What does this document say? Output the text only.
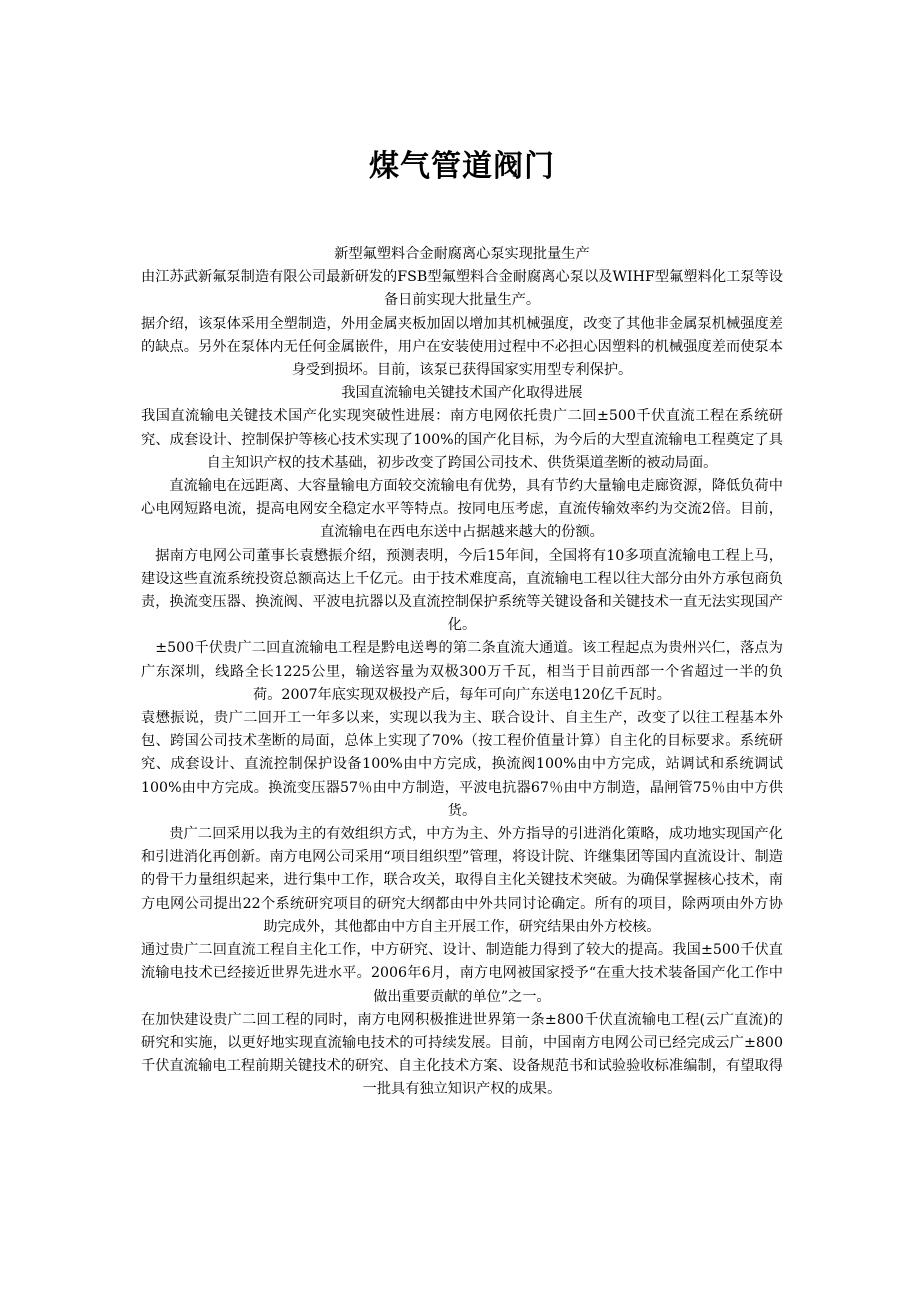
煤气管道阀门

新型氟塑料合金耐腐离心泵实现批量生产

由江苏武新氟泵制造有限公司最新研发的FSB型氟塑料合金耐腐离心泵以及WIHF型氟塑料化工泵等设备日前实现大批量生产。

据介绍，该泵体采用全塑制造，外用金属夹板加固以增加其机械强度，改变了其他非金属泵机械强度差的缺点。另外在泵体内无任何金属嵌件，用户在安装使用过程中不必担心因塑料的机械强度差而使泵本身受到损坏。目前，该泵已获得国家实用型专利保护。

我国直流输电关键技术国产化取得进展

我国直流输电关键技术国产化实现突破性进展：南方电网依托贵广二回±500千伏直流工程在系统研究、成套设计、控制保护等核心技术实现了100%的国产化目标，为今后的大型直流输电工程奠定了具自主知识产权的技术基础，初步改变了跨国公司技术、供货渠道垄断的被动局面。

直流输电在远距离、大容量输电方面较交流输电有优势，具有节约大量输电走廊资源，降低负荷中心电网短路电流，提高电网安全稳定水平等特点。按同电压考虑，直流传输效率约为交流2倍。目前，直流输电在西电东送中占据越来越大的份额。

据南方电网公司董事长袁懋振介绍，预测表明，今后15年间，全国将有10多项直流输电工程上马，建设这些直流系统投资总额高达上千亿元。由于技术难度高，直流输电工程以往大部分由外方承包商负责，换流变压器、换流阀、平波电抗器以及直流控制保护系统等关键设备和关键技术一直无法实现国产化。

±500千伏贵广二回直流输电工程是黔电送粤的第二条直流大通道。该工程起点为贵州兴仁，落点为广东深圳，线路全长1225公里，输送容量为双极300万千瓦，相当于目前西部一个省超过一半的负荷。2007年底实现双极投产后，每年可向广东送电120亿千瓦时。

袁懋振说，贵广二回开工一年多以来，实现以我为主、联合设计、自主生产，改变了以往工程基本外包、跨国公司技术垄断的局面，总体上实现了70%（按工程价值量计算）自主化的目标要求。系统研究、成套设计、直流控制保护设备100%由中方完成，换流阀100%由中方完成，站调试和系统调试100%由中方完成。换流变压器57％由中方制造，平波电抗器67％由中方制造，晶闸管75％由中方供货。

贵广二回采用以我为主的有效组织方式，中方为主、外方指导的引进消化策略，成功地实现国产化和引进消化再创新。南方电网公司采用“项目组织型”管理，将设计院、许继集团等国内直流设计、制造的骨干力量组织起来，进行集中工作，联合攻关，取得自主化关键技术突破。为确保掌握核心技术，南方电网公司提出22个系统研究项目的研究大纲都由中外共同讨论确定。所有的项目，除两项由外方协助完成外，其他都由中方自主开展工作，研究结果由外方校核。

通过贵广二回直流工程自主化工作，中方研究、设计、制造能力得到了较大的提高。我国±500千伏直流输电技术已经接近世界先进水平。2006年6月，南方电网被国家授予“在重大技术装备国产化工作中做出重要贡献的单位”之一。

在加快建设贵广二回工程的同时，南方电网积极推进世界第一条±800千伏直流输电工程(云广直流)的研究和实施，以更好地实现直流输电技术的可持续发展。目前，中国南方电网公司已经完成云广±800千伏直流输电工程前期关键技术的研究、自主化技术方案、设备规范书和试验验收标准编制，有望取得一批具有独立知识产权的成果。
